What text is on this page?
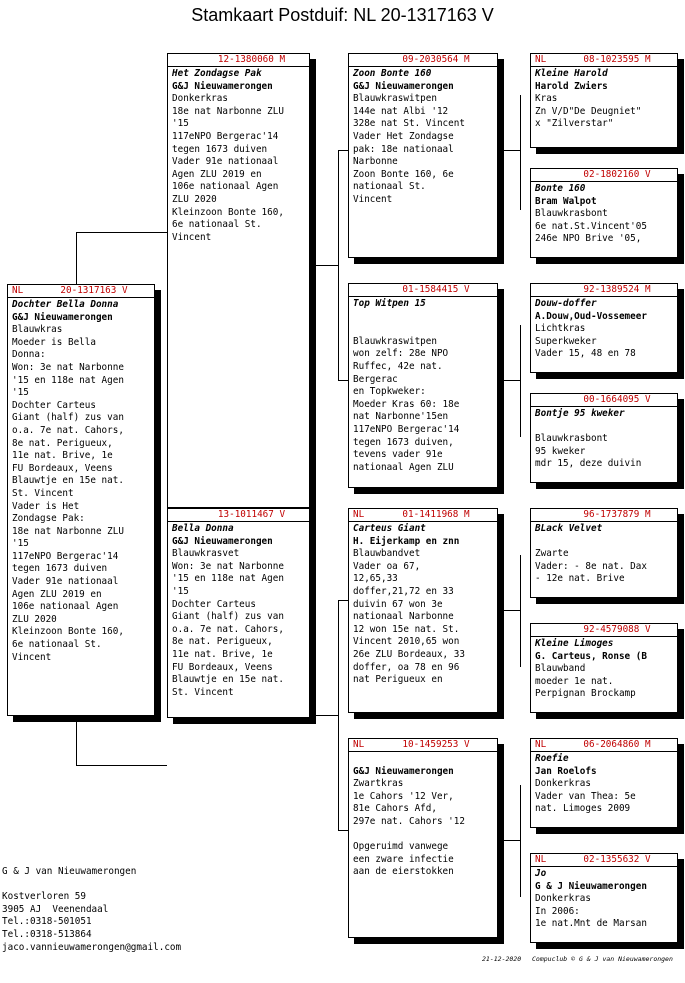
Stamkaart Postduif: NL 20-1317163 V
NL	20-1317163 V
Dochter Bella Donna
G&J Nieuwamerongen
Blauwkras
Moeder is Bella
Donna:
Won: 3e nat Narbonne
'15 en 118e nat Agen
'15
Dochter Carteus
Giant (half) zus van
o.a. 7e nat. Cahors,
8e nat. Perigueux,
11e nat. Brive, 1e
FU Bordeaux, Veens
Blauwtje en 15e nat.
St. Vincent
Vader is Het
Zondagse Pak:
18e nat Narbonne ZLU
'15
117eNPO Bergerac'14
tegen 1673 duiven
Vader 91e nationaal
Agen ZLU 2019 en
106e nationaal Agen
ZLU 2020
Kleinzoon Bonte 160,
6e nationaal St.
Vincent
12-1380060 M
Het Zondagse Pak
G&J Nieuwamerongen
Donkerkras
18e nat Narbonne ZLU
'15
117eNPO Bergerac'14
tegen 1673 duiven
Vader 91e nationaal
Agen ZLU 2019 en
106e nationaal Agen
ZLU 2020
Kleinzoon Bonte 160,
6e nationaal St.
Vincent
13-1011467 V
Bella Donna
G&J Nieuwamerongen
Blauwkrasvet
Won: 3e nat Narbonne
'15 en 118e nat Agen
'15
Dochter Carteus
Giant (half) zus van
o.a. 7e nat. Cahors,
8e nat. Perigueux,
11e nat. Brive, 1e
FU Bordeaux, Veens
Blauwtje en 15e nat.
St. Vincent
09-2030564 M
Zoon Bonte 160
G&J Nieuwamerongen
Blauwkraswitpen
144e nat Albi '12
328e nat St. Vincent
Vader Het Zondagse
pak: 18e nationaal
Narbonne
Zoon Bonte 160, 6e
nationaal St.
Vincent
01-1584415 V
Top Witpen 15
Blauwkraswitpen
won zelf: 28e NPO
Ruffec, 42e nat.
Bergerac
en Topkweker:
Moeder Kras 60: 18e
nat Narbonne'15en
117eNPO Bergerac'14
tegen 1673 duiven,
tevens vader 91e
nationaal Agen ZLU
NL	01-1411968 M
Carteus Giant
H. Eijerkamp en znn
Blauwbandvet
Vader oa 67,
12,65,33
doffer,21,72 en 33
duivin 67 won 3e
nationaal Narbonne
12 won 15e nat. St.
Vincent 2010,65 won
26e ZLU Bordeaux, 33
doffer, oa 78 en 96
nat Perigueux en
NL	10-1459253 V
G&J Nieuwamerongen
Zwartkras
1e Cahors '12 Ver,
81e Cahors Afd,
297e nat. Cahors '12
Opgeruimd vanwege
een zware infectie
aan de eierstokken
NL	08-1023595 M
Kleine Harold
Harold Zwiers
Kras
Zn V/D"De Deugniet"
x "Zilverstar"
02-1802160 V
Bonte 160
Bram Walpot
Blauwkrasbont
6e nat.St.Vincent'05
246e NPO Brive '05,
92-1389524 M
Douw-doffer
A.Douw,Oud-Vossemeer
Lichtkras
Superkweker
Vader 15, 48 en 78
00-1664095 V
Bontje 95 kweker
Blauwkrasbont
95 kweker
mdr 15, deze duivin
96-1737879 M
BLack Velvet
Zwarte
Vader: - 8e nat. Dax
- 12e nat. Brive
92-4579088 V
Kleine Limoges
G. Carteus, Ronse (B
Blauwband
moeder 1e nat.
Perpignan Brockamp
NL	06-2064860 M
Roefie
Jan Roelofs
Donkerkras
Vader van Thea: 5e
nat. Limoges 2009
NL	02-1355632 V
Jo
G & J Nieuwamerongen
Donkerkras
In 2006:
1e nat.Mnt de Marsan
G & J van Nieuwamerongen
Kostverloren 59
3905 AJ  Veenendaal
Tel.:0318-501051
Tel.:0318-513864
jaco.vannieuwamerongen@gmail.com
21-12-2020 Compuclub © G & J van Nieuwamerongen
